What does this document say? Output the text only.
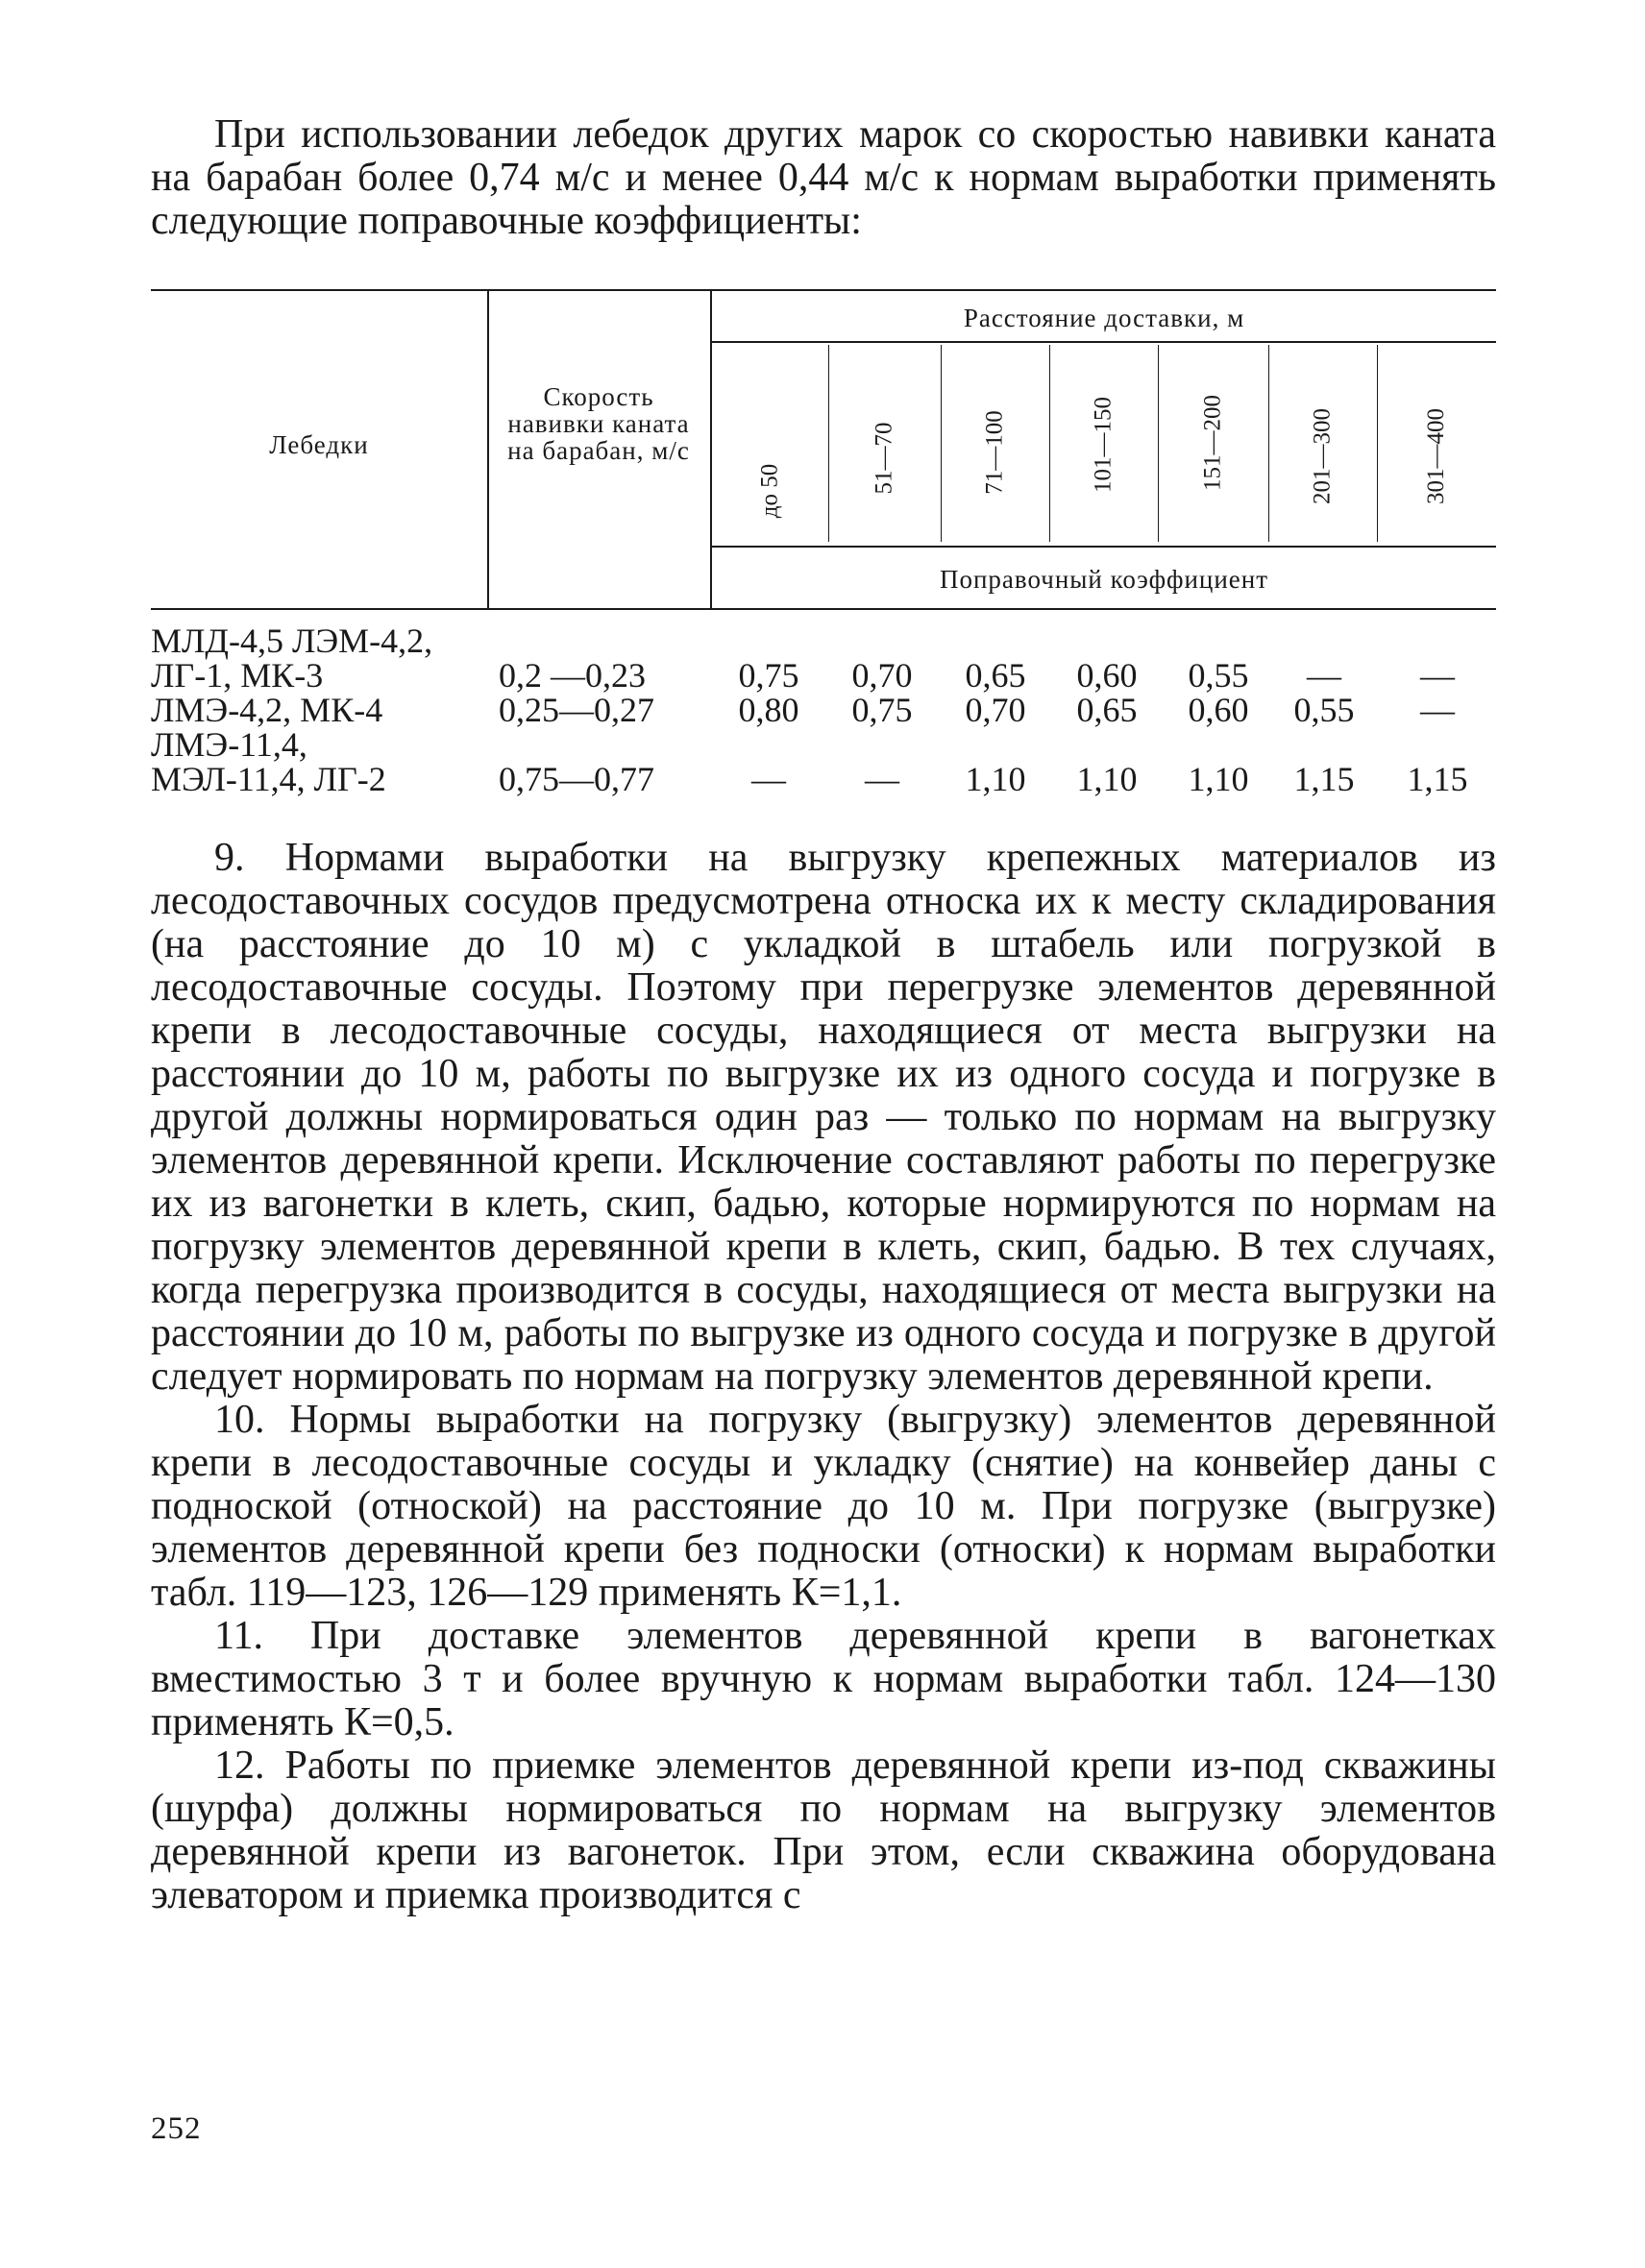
При использовании лебедок других марок со скоростью навивки каната на барабан более 0,74 м/с и менее 0,44 м/с к нормам выработки применять следующие поправочные коэффициенты:

Лебедки
Скорость навивки каната на барабан, м/с
Расстояние доставки, м
Поправочный коэффициент
до 50	51—70	71—100	101—150	151—200	201—300	301—400
МЛД-4,5 ЛЭМ-4,2,
ЛГ-1, МК-3	0,2 —0,23	0,75	0,70	0,65	0,60	0,55	—	—
ЛМЭ-4,2, МК-4	0,25—0,27	0,80	0,75	0,70	0,65	0,60	0,55	—
ЛМЭ-11,4,
МЭЛ-11,4, ЛГ-2	0,75—0,77	—	—	1,10	1,10	1,10	1,15	1,15

9. Нормами выработки на выгрузку крепежных материалов из лесодоставочных сосудов предусмотрена относка их к месту складирования (на расстояние до 10 м) с укладкой в штабель или погрузкой в лесодоставочные сосуды. Поэтому при перегрузке элементов деревянной крепи в лесодоставочные сосуды, находящиеся от места выгрузки на расстоянии до 10 м, работы по выгрузке их из одного сосуда и погрузке в другой должны нормироваться один раз — только по нормам на выгрузку элементов деревянной крепи. Исключение составляют работы по перегрузке их из вагонетки в клеть, скип, бадью, которые нормируются по нормам на погрузку элементов деревянной крепи в клеть, скип, бадью. В тех случаях, когда перегрузка производится в сосуды, находящиеся от места выгрузки на расстоянии до 10 м, работы по выгрузке из одного сосуда и погрузке в другой следует нормировать по нормам на погрузку элементов деревянной крепи.

10. Нормы выработки на погрузку (выгрузку) элементов деревянной крепи в лесодоставочные сосуды и укладку (снятие) на конвейер даны с подноской (отноской) на расстояние до 10 м. При погрузке (выгрузке) элементов деревянной крепи без подноски (относки) к нормам выработки табл. 119—123, 126—129 применять К=1,1.

11. При доставке элементов деревянной крепи в вагонетках вместимостью 3 т и более вручную к нормам выработки табл. 124—130 применять К=0,5.

12. Работы по приемке элементов деревянной крепи из-под скважины (шурфа) должны нормироваться по нормам на выгрузку элементов деревянной крепи из вагонеток. При этом, если скважина оборудована элеватором и приемка производится с

252
